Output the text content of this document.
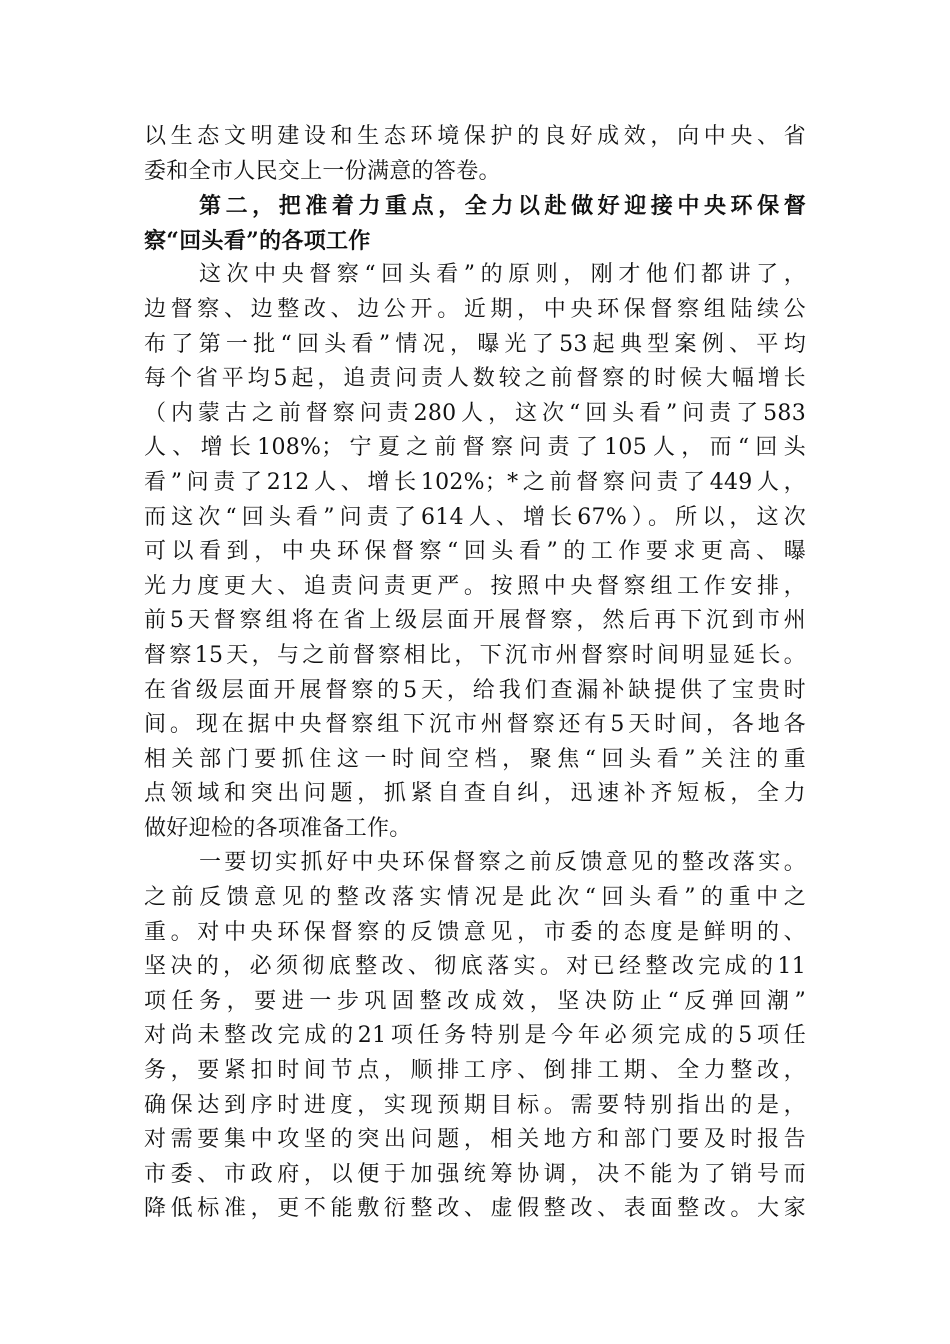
以生态文明建设和生态环境保护的良好成效，向中央、省
委和全市人民交上一份满意的答卷。
第二，把准着力重点，全力以赴做好迎接中央环保督
察“回头看”的各项工作
这次中央督察“回头看”的原则，刚才他们都讲了，
边督察、边整改、边公开。近期，中央环保督察组陆续公
布了第一批“回头看”情况，曝光了53起典型案例、平均
每个省平均5起，追责问责人数较之前督察的时候大幅增长
（内蒙古之前督察问责280人，这次“回头看”问责了583
人、增长108%；宁夏之前督察问责了105人，而“回头
看”问责了212人、增长102%；*之前督察问责了449人，
而这次“回头看”问责了614人、增长67%）。所以，这次
可以看到，中央环保督察“回头看”的工作要求更高、曝
光力度更大、追责问责更严。按照中央督察组工作安排，
前5天督察组将在省上级层面开展督察，然后再下沉到市州
督察15天，与之前督察相比，下沉市州督察时间明显延长。
在省级层面开展督察的5天，给我们查漏补缺提供了宝贵时
间。现在据中央督察组下沉市州督察还有5天时间，各地各
相关部门要抓住这一时间空档，聚焦“回头看”关注的重
点领域和突出问题，抓紧自查自纠，迅速补齐短板，全力
做好迎检的各项准备工作。
一要切实抓好中央环保督察之前反馈意见的整改落实。
之前反馈意见的整改落实情况是此次“回头看”的重中之
重。对中央环保督察的反馈意见，市委的态度是鲜明的、
坚决的，必须彻底整改、彻底落实。对已经整改完成的11
项任务，要进一步巩固整改成效，坚决防止“反弹回潮”
对尚未整改完成的21项任务特别是今年必须完成的5项任
务，要紧扣时间节点，顺排工序、倒排工期、全力整改，
确保达到序时进度，实现预期目标。需要特别指出的是，
对需要集中攻坚的突出问题，相关地方和部门要及时报告
市委、市政府，以便于加强统筹协调，决不能为了销号而
降低标准，更不能敷衍整改、虚假整改、表面整改。大家
